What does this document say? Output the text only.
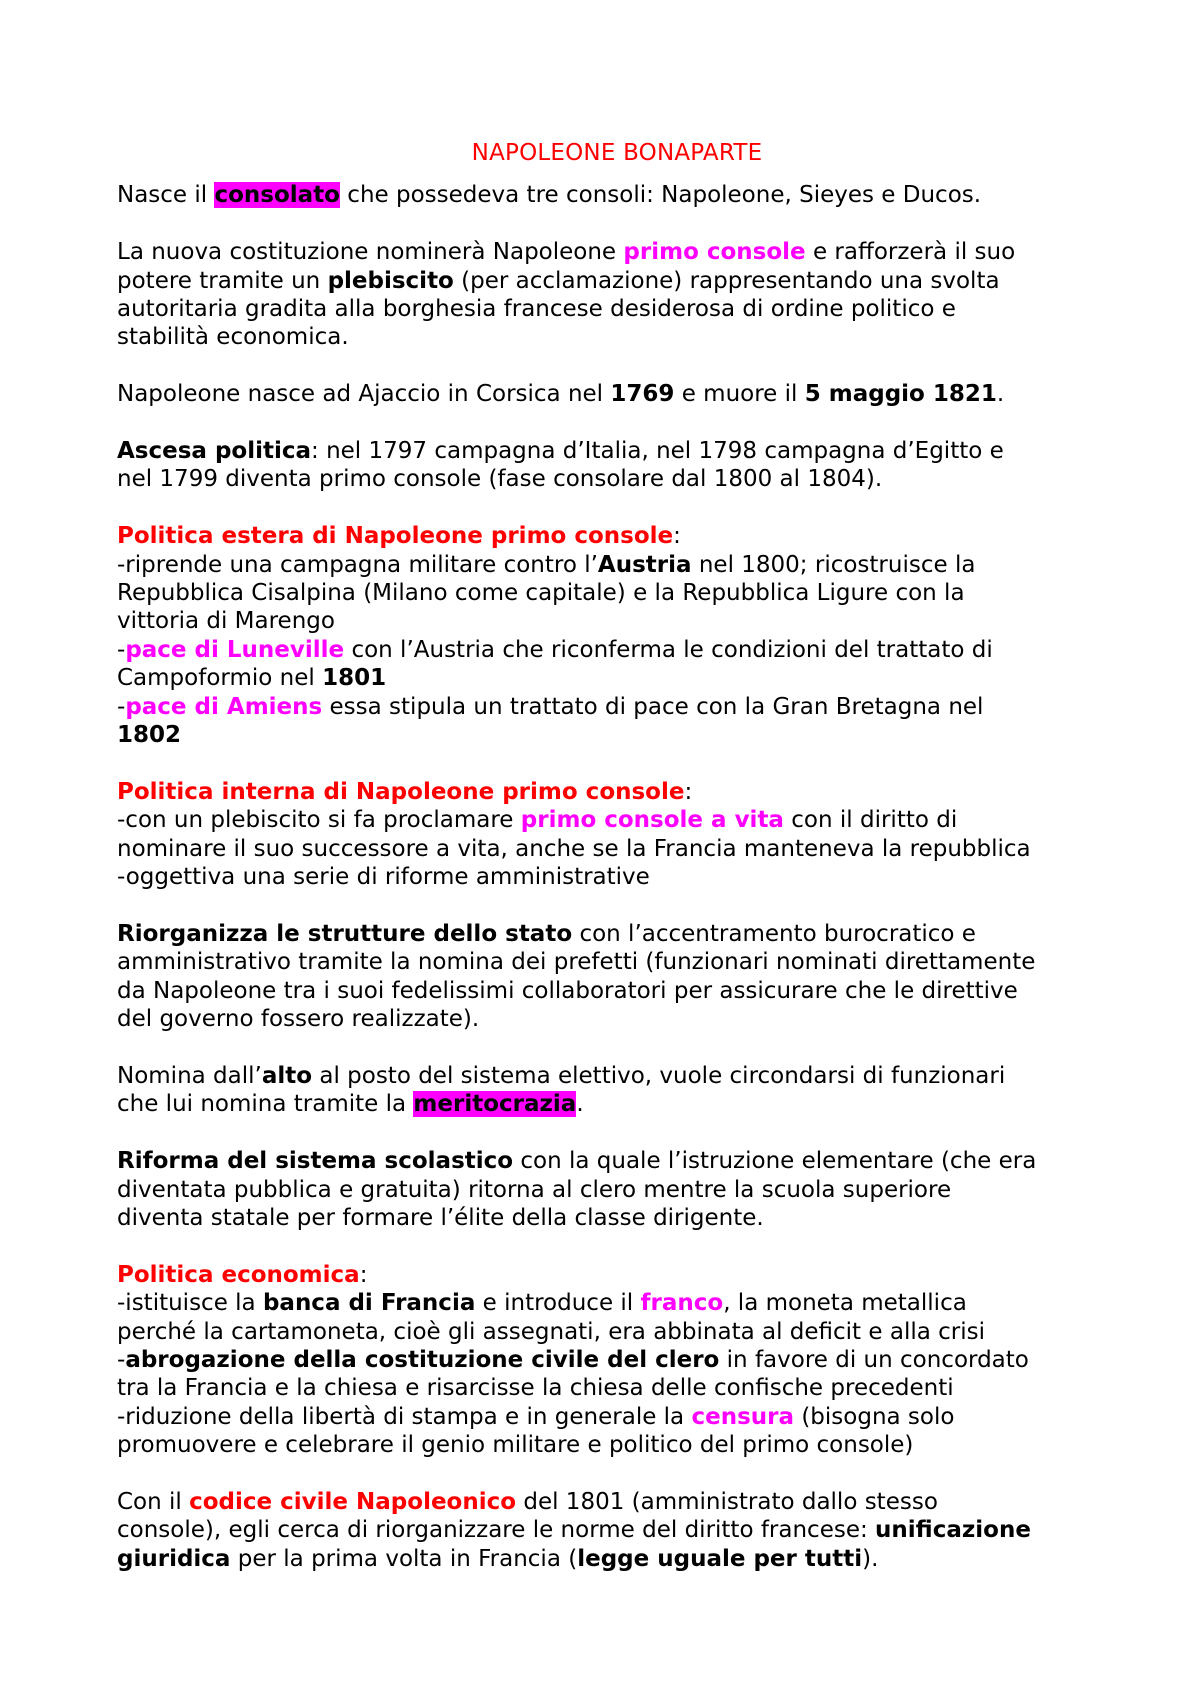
NAPOLEONE BONAPARTE
Nasce il consolato che possedeva tre consoli: Napoleone, Sieyes e Ducos.
La nuova costituzione nominerà Napoleone primo console e rafforzerà il suo
potere tramite un plebiscito (per acclamazione) rappresentando una svolta
autoritaria gradita alla borghesia francese desiderosa di ordine politico e
stabilità economica.
Napoleone nasce ad Ajaccio in Corsica nel 1769 e muore il 5 maggio 1821.
Ascesa politica: nel 1797 campagna d’Italia, nel 1798 campagna d’Egitto e
nel 1799 diventa primo console (fase consolare dal 1800 al 1804).
Politica estera di Napoleone primo console:
-riprende una campagna militare contro l’Austria nel 1800; ricostruisce la
Repubblica Cisalpina (Milano come capitale) e la Repubblica Ligure con la
vittoria di Marengo
-pace di Luneville con l’Austria che riconferma le condizioni del trattato di
Campoformio nel 1801
-pace di Amiens essa stipula un trattato di pace con la Gran Bretagna nel
1802
Politica interna di Napoleone primo console:
-con un plebiscito si fa proclamare primo console a vita con il diritto di
nominare il suo successore a vita, anche se la Francia manteneva la repubblica
-oggettiva una serie di riforme amministrative
Riorganizza le strutture dello stato con l’accentramento burocratico e
amministrativo tramite la nomina dei prefetti (funzionari nominati direttamente
da Napoleone tra i suoi fedelissimi collaboratori per assicurare che le direttive
del governo fossero realizzate).
Nomina dall’alto al posto del sistema elettivo, vuole circondarsi di funzionari
che lui nomina tramite la meritocrazia.
Riforma del sistema scolastico con la quale l’istruzione elementare (che era
diventata pubblica e gratuita) ritorna al clero mentre la scuola superiore
diventa statale per formare l’élite della classe dirigente.
Politica economica:
-istituisce la banca di Francia e introduce il franco, la moneta metallica
perché la cartamoneta, cioè gli assegnati, era abbinata al deficit e alla crisi
-abrogazione della costituzione civile del clero in favore di un concordato
tra la Francia e la chiesa e risarcisse la chiesa delle confische precedenti
-riduzione della libertà di stampa e in generale la censura (bisogna solo
promuovere e celebrare il genio militare e politico del primo console)
Con il codice civile Napoleonico del 1801 (amministrato dallo stesso
console), egli cerca di riorganizzare le norme del diritto francese: unificazione
giuridica per la prima volta in Francia (legge uguale per tutti).
